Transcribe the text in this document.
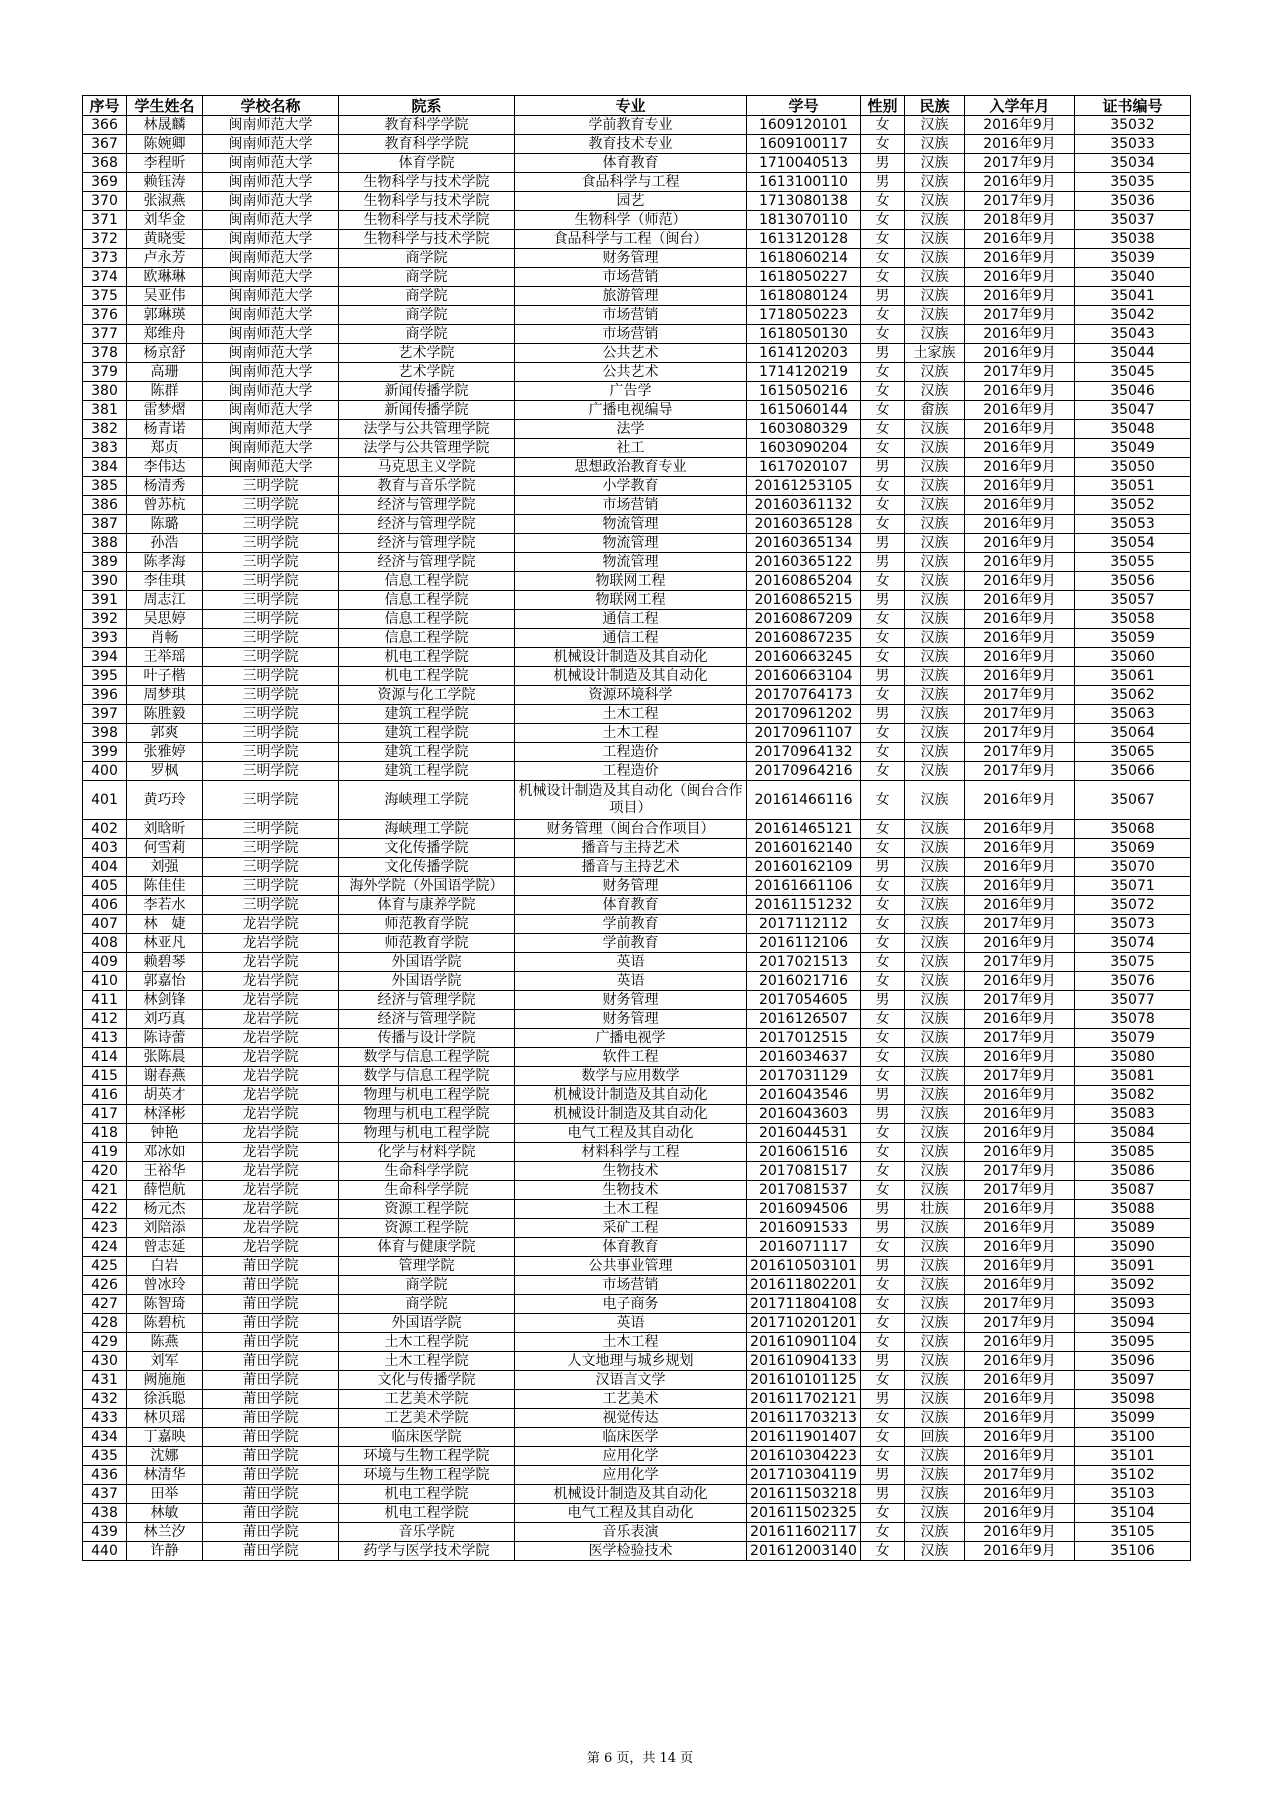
序号	学生姓名	学校名称	院系	专业	学号	性别	民族	入学年月	证书编号
366	林晟麟	闽南师范大学	教育科学学院	学前教育专业	1609120101	女	汉族	2016年9月	35032
367	陈婉卿	闽南师范大学	教育科学学院	教育技术专业	1609100117	女	汉族	2016年9月	35033
368	李程昕	闽南师范大学	体育学院	体育教育	1710040513	男	汉族	2017年9月	35034
369	赖钰涛	闽南师范大学	生物科学与技术学院	食品科学与工程	1613100110	男	汉族	2016年9月	35035
370	张淑燕	闽南师范大学	生物科学与技术学院	园艺	1713080138	女	汉族	2017年9月	35036
371	刘华金	闽南师范大学	生物科学与技术学院	生物科学（师范）	1813070110	女	汉族	2018年9月	35037
372	黄晓雯	闽南师范大学	生物科学与技术学院	食品科学与工程（闽台）	1613120128	女	汉族	2016年9月	35038
373	卢永芳	闽南师范大学	商学院	财务管理	1618060214	女	汉族	2016年9月	35039
374	欧琳琳	闽南师范大学	商学院	市场营销	1618050227	女	汉族	2016年9月	35040
375	吴亚伟	闽南师范大学	商学院	旅游管理	1618080124	男	汉族	2016年9月	35041
376	郭琳瑛	闽南师范大学	商学院	市场营销	1718050223	女	汉族	2017年9月	35042
377	郑维舟	闽南师范大学	商学院	市场营销	1618050130	女	汉族	2016年9月	35043
378	杨京舒	闽南师范大学	艺术学院	公共艺术	1614120203	男	土家族	2016年9月	35044
379	高珊	闽南师范大学	艺术学院	公共艺术	1714120219	女	汉族	2017年9月	35045
380	陈群	闽南师范大学	新闻传播学院	广告学	1615050216	女	汉族	2016年9月	35046
381	雷梦熠	闽南师范大学	新闻传播学院	广播电视编导	1615060144	女	畲族	2016年9月	35047
382	杨青诺	闽南师范大学	法学与公共管理学院	法学	1603080329	女	汉族	2016年9月	35048
383	郑贞	闽南师范大学	法学与公共管理学院	社工	1603090204	女	汉族	2016年9月	35049
384	李伟达	闽南师范大学	马克思主义学院	思想政治教育专业	1617020107	男	汉族	2016年9月	35050
385	杨清秀	三明学院	教育与音乐学院	小学教育	20161253105	女	汉族	2016年9月	35051
386	曾苏杭	三明学院	经济与管理学院	市场营销	20160361132	女	汉族	2016年9月	35052
387	陈璐	三明学院	经济与管理学院	物流管理	20160365128	女	汉族	2016年9月	35053
388	孙浩	三明学院	经济与管理学院	物流管理	20160365134	男	汉族	2016年9月	35054
389	陈孝海	三明学院	经济与管理学院	物流管理	20160365122	男	汉族	2016年9月	35055
390	李佳琪	三明学院	信息工程学院	物联网工程	20160865204	女	汉族	2016年9月	35056
391	周志江	三明学院	信息工程学院	物联网工程	20160865215	男	汉族	2016年9月	35057
392	吴思婷	三明学院	信息工程学院	通信工程	20160867209	女	汉族	2016年9月	35058
393	肖畅	三明学院	信息工程学院	通信工程	20160867235	女	汉族	2016年9月	35059
394	王举瑶	三明学院	机电工程学院	机械设计制造及其自动化	20160663245	女	汉族	2016年9月	35060
395	叶子楷	三明学院	机电工程学院	机械设计制造及其自动化	20160663104	男	汉族	2016年9月	35061
396	周梦琪	三明学院	资源与化工学院	资源环境科学	20170764173	女	汉族	2017年9月	35062
397	陈胜毅	三明学院	建筑工程学院	土木工程	20170961202	男	汉族	2017年9月	35063
398	郭爽	三明学院	建筑工程学院	土木工程	20170961107	女	汉族	2017年9月	35064
399	张雅婷	三明学院	建筑工程学院	工程造价	20170964132	女	汉族	2017年9月	35065
400	罗枫	三明学院	建筑工程学院	工程造价	20170964216	女	汉族	2017年9月	35066
401	黄巧玲	三明学院	海峡理工学院	机械设计制造及其自动化（闽台合作项目）	20161466116	女	汉族	2016年9月	35067
402	刘晗昕	三明学院	海峡理工学院	财务管理（闽台合作项目）	20161465121	女	汉族	2016年9月	35068
403	何雪莉	三明学院	文化传播学院	播音与主持艺术	20160162140	女	汉族	2016年9月	35069
404	刘强	三明学院	文化传播学院	播音与主持艺术	20160162109	男	汉族	2016年9月	35070
405	陈佳佳	三明学院	海外学院（外国语学院）	财务管理	20161661106	女	汉族	2016年9月	35071
406	李若水	三明学院	体育与康养学院	体育教育	20161151232	女	汉族	2016年9月	35072
407	林　婕	龙岩学院	师范教育学院	学前教育	2017112112	女	汉族	2017年9月	35073
408	林亚凡	龙岩学院	师范教育学院	学前教育	2016112106	女	汉族	2016年9月	35074
409	赖碧琴	龙岩学院	外国语学院	英语	2017021513	女	汉族	2017年9月	35075
410	郭嘉怡	龙岩学院	外国语学院	英语	2016021716	女	汉族	2016年9月	35076
411	林剑锋	龙岩学院	经济与管理学院	财务管理	2017054605	男	汉族	2017年9月	35077
412	刘巧真	龙岩学院	经济与管理学院	财务管理	2016126507	女	汉族	2016年9月	35078
413	陈诗蕾	龙岩学院	传播与设计学院	广播电视学	2017012515	女	汉族	2017年9月	35079
414	张陈晨	龙岩学院	数学与信息工程学院	软件工程	2016034637	女	汉族	2016年9月	35080
415	谢春燕	龙岩学院	数学与信息工程学院	数学与应用数学	2017031129	女	汉族	2017年9月	35081
416	胡英才	龙岩学院	物理与机电工程学院	机械设计制造及其自动化	2016043546	男	汉族	2016年9月	35082
417	林泽彬	龙岩学院	物理与机电工程学院	机械设计制造及其自动化	2016043603	男	汉族	2016年9月	35083
418	钟艳	龙岩学院	物理与机电工程学院	电气工程及其自动化	2016044531	女	汉族	2016年9月	35084
419	邓冰如	龙岩学院	化学与材料学院	材料科学与工程	2016061516	女	汉族	2016年9月	35085
420	王裕华	龙岩学院	生命科学学院	生物技术	2017081517	女	汉族	2017年9月	35086
421	薛恺航	龙岩学院	生命科学学院	生物技术	2017081537	女	汉族	2017年9月	35087
422	杨元杰	龙岩学院	资源工程学院	土木工程	2016094506	男	壮族	2016年9月	35088
423	刘陪添	龙岩学院	资源工程学院	采矿工程	2016091533	男	汉族	2016年9月	35089
424	曾志延	龙岩学院	体育与健康学院	体育教育	2016071117	女	汉族	2016年9月	35090
425	白岩	莆田学院	管理学院	公共事业管理	201610503101	男	汉族	2016年9月	35091
426	曾冰玲	莆田学院	商学院	市场营销	201611802201	女	汉族	2016年9月	35092
427	陈智琦	莆田学院	商学院	电子商务	201711804108	女	汉族	2017年9月	35093
428	陈碧杭	莆田学院	外国语学院	英语	201710201201	女	汉族	2017年9月	35094
429	陈燕	莆田学院	土木工程学院	土木工程	201610901104	女	汉族	2016年9月	35095
430	刘军	莆田学院	土木工程学院	人文地理与城乡规划	201610904133	男	汉族	2016年9月	35096
431	阙施施	莆田学院	文化与传播学院	汉语言文学	201610101125	女	汉族	2016年9月	35097
432	徐浜聪	莆田学院	工艺美术学院	工艺美术	201611702121	男	汉族	2016年9月	35098
433	林贝瑶	莆田学院	工艺美术学院	视觉传达	201611703213	女	汉族	2016年9月	35099
434	丁嘉映	莆田学院	临床医学院	临床医学	201611901407	女	回族	2016年9月	35100
435	沈娜	莆田学院	环境与生物工程学院	应用化学	201610304223	女	汉族	2016年9月	35101
436	林清华	莆田学院	环境与生物工程学院	应用化学	201710304119	男	汉族	2017年9月	35102
437	田举	莆田学院	机电工程学院	机械设计制造及其自动化	201611503218	男	汉族	2016年9月	35103
438	林敏	莆田学院	机电工程学院	电气工程及其自动化	201611502325	女	汉族	2016年9月	35104
439	林兰汐	莆田学院	音乐学院	音乐表演	201611602117	女	汉族	2016年9月	35105
440	许静	莆田学院	药学与医学技术学院	医学检验技术	201612003140	女	汉族	2016年9月	35106
第 6 页，共 14 页
